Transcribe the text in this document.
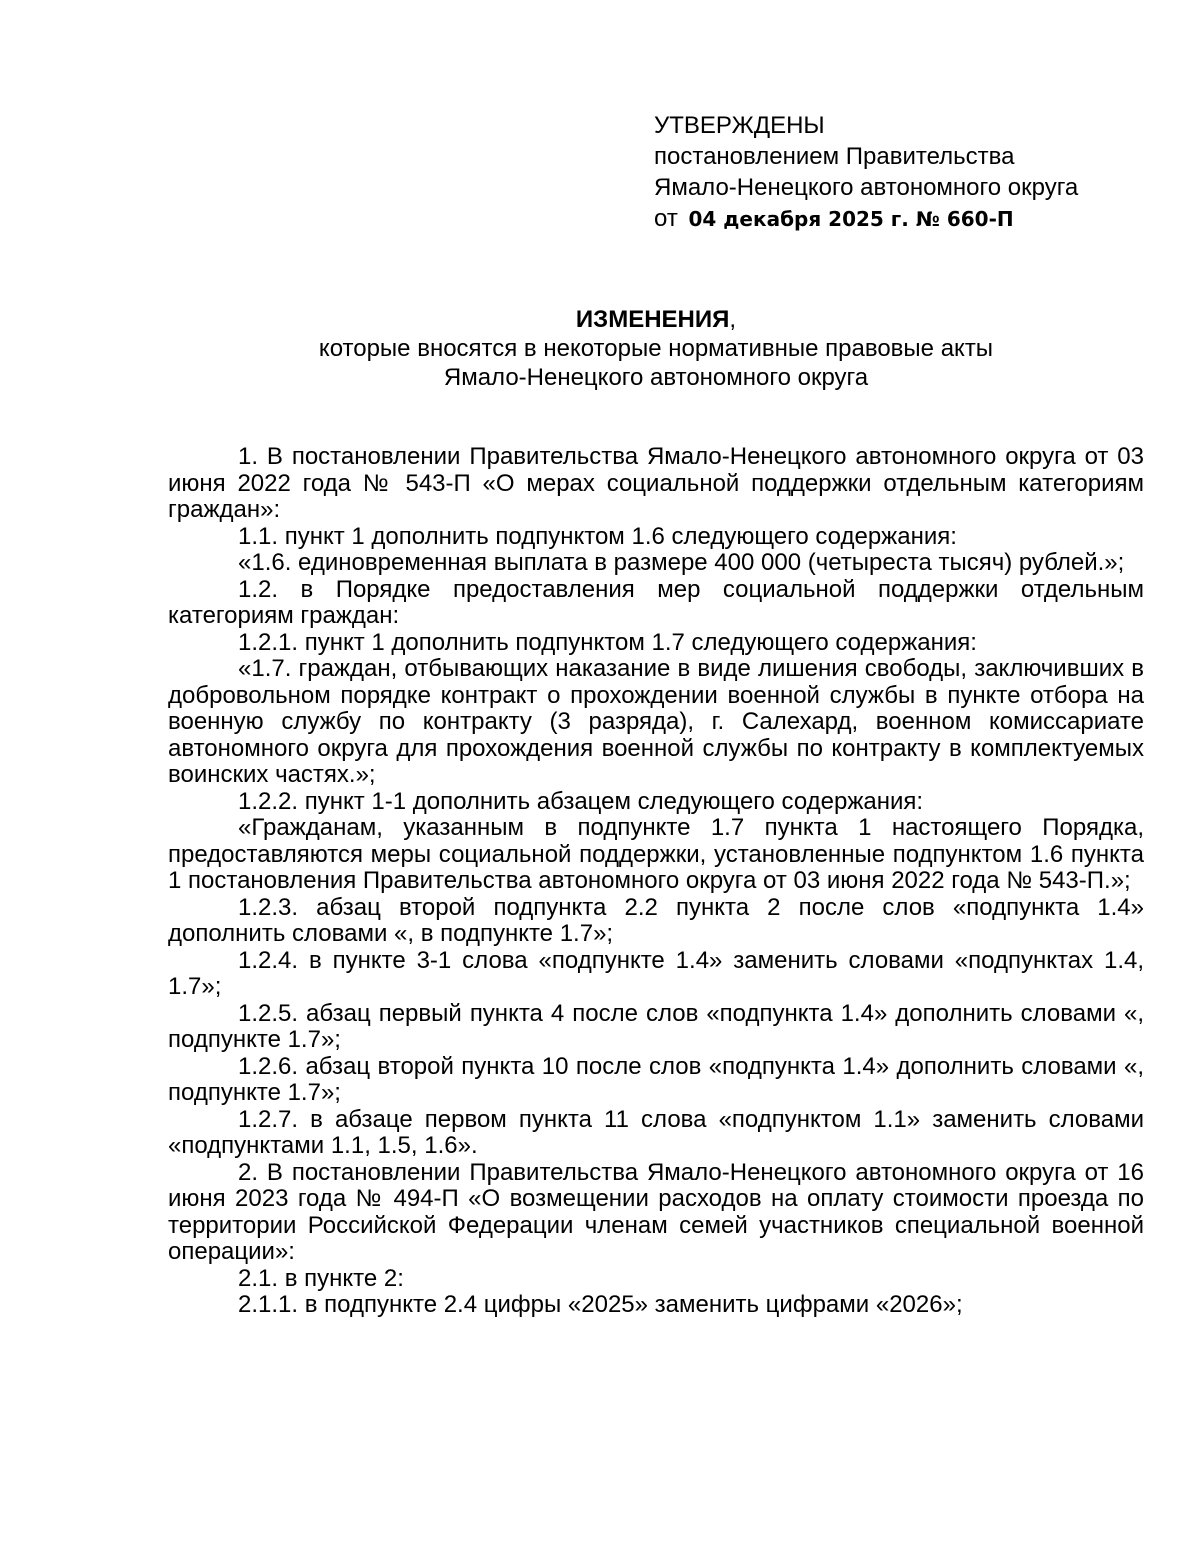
УТВЕРЖДЕНЫ

постановлением Правительства

Ямало-Ненецкого автономного округа

от 04 декабря 2025 г. № 660-П

ИЗМЕНЕНИЯ,
которые вносятся в некоторые нормативные правовые акты
Ямало-Ненецкого автономного округа

1. В постановлении Правительства Ямало-Ненецкого автономного округа от 03 июня 2022 года № 543-П «О мерах социальной поддержки отдельным категориям граждан»:

1.1. пункт 1 дополнить подпунктом 1.6 следующего содержания:

«1.6. единовременная выплата в размере 400 000 (четыреста тысяч) рублей.»;

1.2. в Порядке предоставления мер социальной поддержки отдельным категориям граждан:

1.2.1. пункт 1 дополнить подпунктом 1.7 следующего содержания:

«1.7. граждан, отбывающих наказание в виде лишения свободы, заключивших в добровольном порядке контракт о прохождении военной службы в пункте отбора на военную службу по контракту (3 разряда), г. Салехард, военном комиссариате автономного округа для прохождения военной службы по контракту в комплектуемых воинских частях.»;

1.2.2. пункт 1-1 дополнить абзацем следующего содержания:

«Гражданам, указанным в подпункте 1.7 пункта 1 настоящего Порядка, предоставляются меры социальной поддержки, установленные подпунктом 1.6 пункта 1 постановления Правительства автономного округа от 03 июня 2022 года № 543-П.»;

1.2.3. абзац второй подпункта 2.2 пункта 2 после слов «подпункта 1.4» дополнить словами «, в подпункте 1.7»;

1.2.4. в пункте 3-1 слова «подпункте 1.4» заменить словами «подпунктах 1.4, 1.7»;

1.2.5. абзац первый пункта 4 после слов «подпункта 1.4» дополнить словами «, подпункте 1.7»;

1.2.6. абзац второй пункта 10 после слов «подпункта 1.4» дополнить словами «, подпункте 1.7»;

1.2.7. в абзаце первом пункта 11 слова «подпунктом 1.1» заменить словами «подпунктами 1.1, 1.5, 1.6».

2. В постановлении Правительства Ямало-Ненецкого автономного округа от 16 июня 2023 года № 494-П «О возмещении расходов на оплату стоимости проезда по территории Российской Федерации членам семей участников специальной военной операции»:

2.1. в пункте 2:

2.1.1. в подпункте 2.4 цифры «2025» заменить цифрами «2026»;
